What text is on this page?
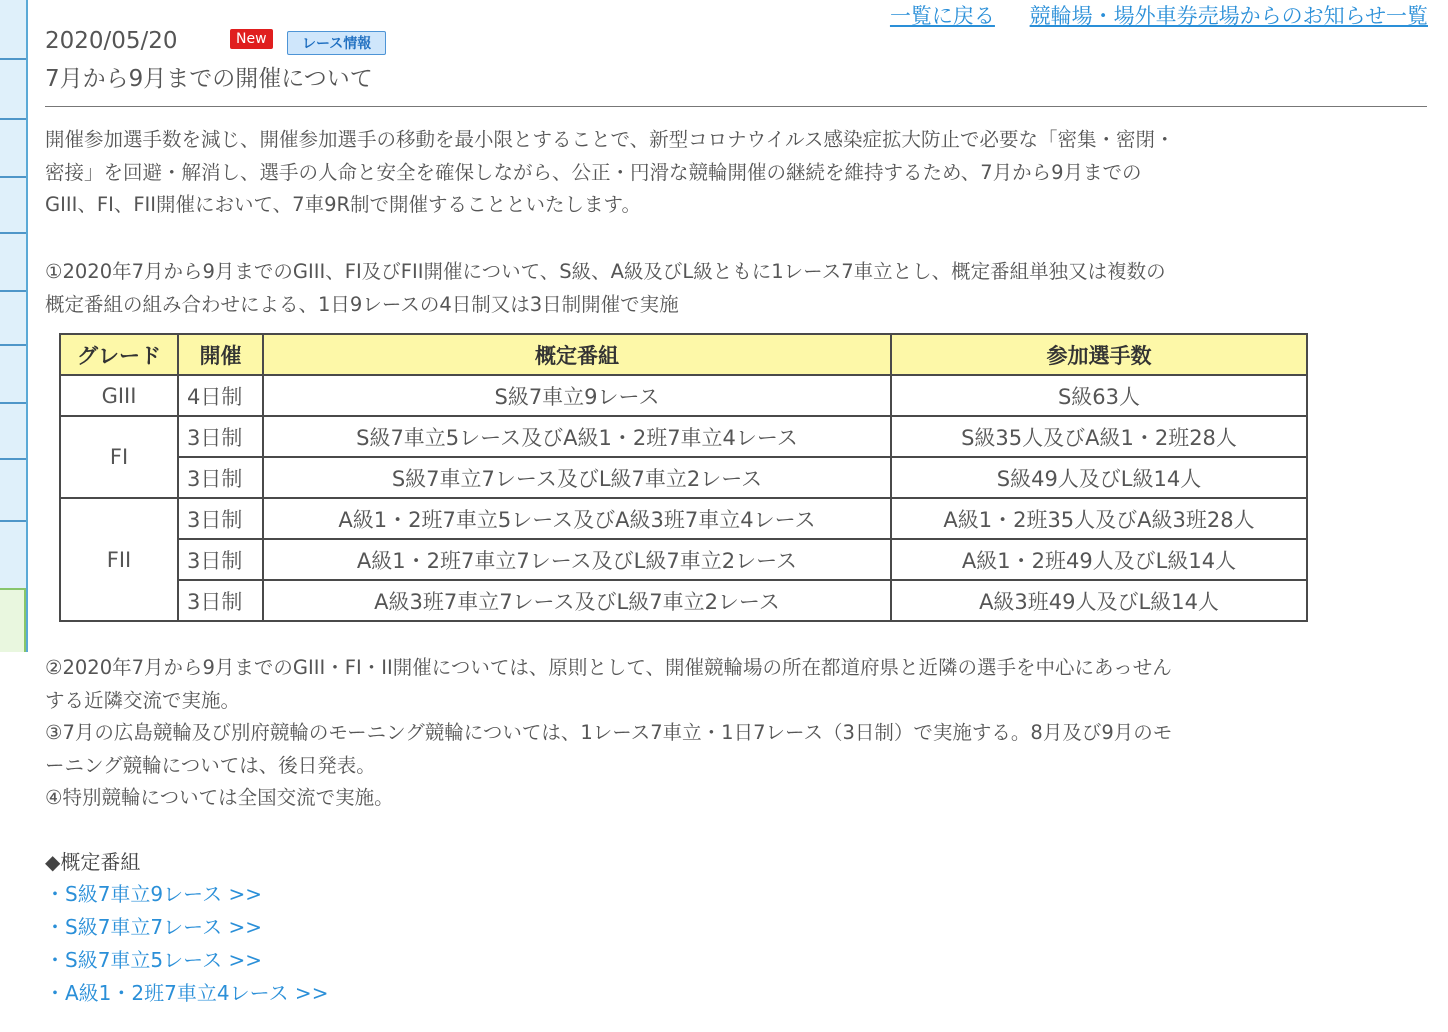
一覧に戻る 競輪場・場外車券売場からのお知らせ一覧
2020/05/20	New	レース情報
7月から9月までの開催について
開催参加選手数を減じ、開催参加選手の移動を最小限とすることで、新型コロナウイルス感染症拡大防止で必要な「密集・密閉・
密接」を回避・解消し、選手の人命と安全を確保しながら、公正・円滑な競輪開催の継続を維持するため、7月から9月までの
GIII、FI、FII開催において、7車9R制で開催することといたします。
①2020年7月から9月までのGIII、FI及びFII開催について、S級、A級及びL級ともに1レース7車立とし、概定番組単独又は複数の
概定番組の組み合わせによる、1日9レースの4日制又は3日制開催で実施
グレード	開催	概定番組	参加選手数
GIII	4日制	S級7車立9レース	S級63人
FI	3日制	S級7車立5レース及びA級1・2班7車立4レース	S級35人及びA級1・2班28人
	3日制	S級7車立7レース及びL級7車立2レース	S級49人及びL級14人
FII	3日制	A級1・2班7車立5レース及びA級3班7車立4レース	A級1・2班35人及びA級3班28人
	3日制	A級1・2班7車立7レース及びL級7車立2レース	A級1・2班49人及びL級14人
	3日制	A級3班7車立7レース及びL級7車立2レース	A級3班49人及びL級14人
②2020年7月から9月までのGIII・FI・II開催については、原則として、開催競輪場の所在都道府県と近隣の選手を中心にあっせん
する近隣交流で実施。
③7月の広島競輪及び別府競輪のモーニング競輪については、1レース7車立・1日7レース（3日制）で実施する。8月及び9月のモ
ーニング競輪については、後日発表。
④特別競輪については全国交流で実施。
◆概定番組
・S級7車立9レース >>
・S級7車立7レース >>
・S級7車立5レース >>
・A級1・2班7車立4レース >>
